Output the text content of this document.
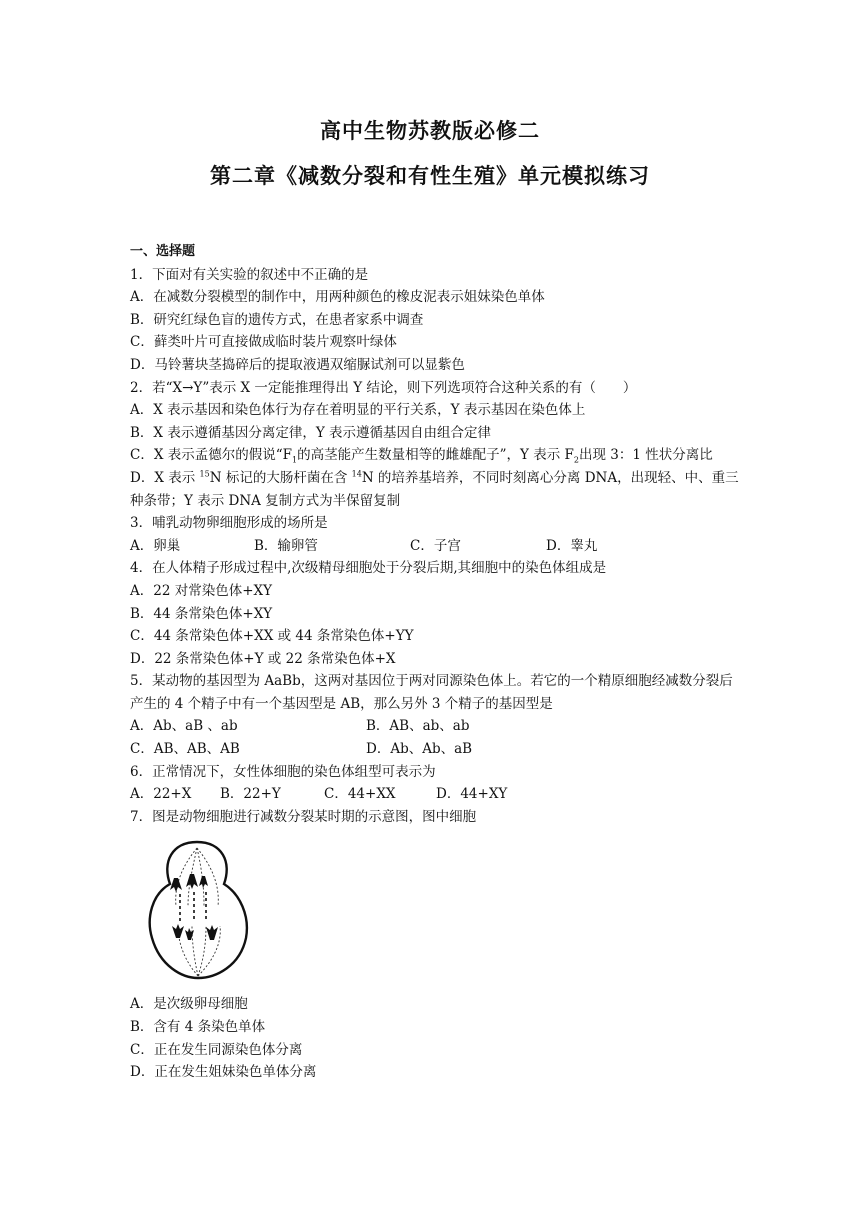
高中生物苏教版必修二
第二章《减数分裂和有性生殖》单元模拟练习
一、选择题
1．下面对有关实验的叙述中不正确的是
A．在减数分裂模型的制作中，用两种颜色的橡皮泥表示姐妹染色单体
B．研究红绿色盲的遗传方式，在患者家系中调查
C．藓类叶片可直接做成临时装片观察叶绿体
D．马铃薯块茎捣碎后的提取液遇双缩脲试剂可以显紫色
2．若“X→Y”表示 X 一定能推理得出 Y 结论，则下列选项符合这种关系的有（　　）
A．X 表示基因和染色体行为存在着明显的平行关系，Y 表示基因在染色体上
B．X 表示遵循基因分离定律，Y 表示遵循基因自由组合定律
C．X 表示孟德尔的假说“$F_1$的高茎能产生数量相等的雌雄配子”，Y 表示 $F_2$出现 3：1 性状分离比
D．X 表示 $^{15}$N 标记的大肠杆菌在含 $^{14}$N 的培养基培养，不同时刻离心分离 DNA，出现轻、中、重三种条带；Y 表示 DNA 复制方式为半保留复制
3．哺乳动物卵细胞形成的场所是
A．卵巢	B．输卵管	C．子宫	D．睾丸
4．在人体精子形成过程中,次级精母细胞处于分裂后期,其细胞中的染色体组成是
A．22 对常染色体+XY
B．44 条常染色体+XY
C．44 条常染色体+XX 或 44 条常染色体+YY
D．22 条常染色体+Y 或 22 条常染色体+X
5．某动物的基因型为 AaBb，这两对基因位于两对同源染色体上。若它的一个精原细胞经减数分裂后产生的 4 个精子中有一个基因型是 AB，那么另外 3 个精子的基因型是
A．Ab、aB 、ab	B．AB、ab、ab
C．AB、AB、AB	D．Ab、Ab、aB
6．正常情况下，女性体细胞的染色体组型可表示为
A．22+X	B．22+Y	C．44+XX	D．44+XY
7．图是动物细胞进行减数分裂某时期的示意图，图中细胞
A．是次级卵母细胞
B．含有 4 条染色单体
C．正在发生同源染色体分离
D．正在发生姐妹染色单体分离
